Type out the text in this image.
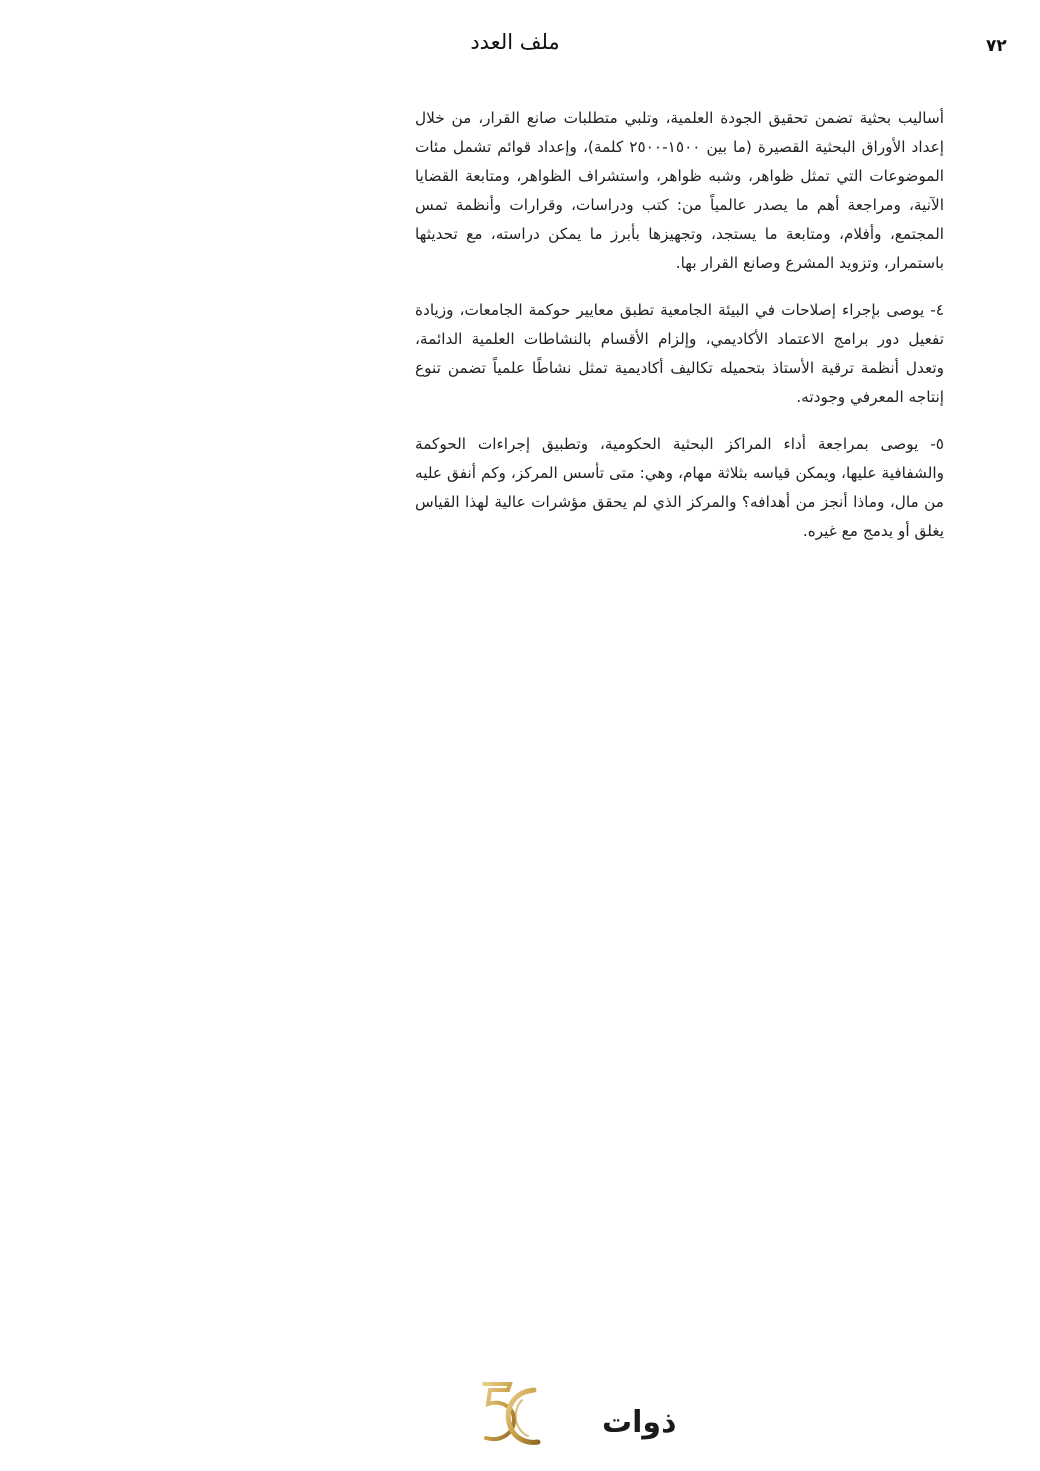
٧٢
ملف العدد

أساليب بحثية تضمن تحقيق الجودة العلمية، وتلبي متطلبات صانع القرار، من خلال إعداد الأوراق البحثية القصيرة (ما بين ١٥٠٠-٢٥٠٠ كلمة)، وإعداد قوائم تشمل مئات الموضوعات التي تمثل ظواهر، وشبه ظواهر، واستشراف الظواهر، ومتابعة القضايا الآنية، ومراجعة أهم ما يصدر عالمياً من: كتب ودراسات، وقرارات وأنظمة تمس المجتمع، وأفلام، ومتابعة ما يستجد، وتجهيزها بأبرز ما يمكن دراسته، مع تحديثها باستمرار، وتزويد المشرع وصانع القرار بها.

٤- يوصى بإجراء إصلاحات في البيئة الجامعية تطبق معايير حوكمة الجامعات، وزيادة تفعيل دور برامج الاعتماد الأكاديمي، وإلزام الأقسام بالنشاطات العلمية الدائمة، وتعدل أنظمة ترقية الأستاذ بتحميله تكاليف أكاديمية تمثل نشاطًا علمياً تضمن تنوع إنتاجه المعرفي وجودته.

٥- يوصى بمراجعة أداء المراكز البحثية الحكومية، وتطبيق إجراءات الحوكمة والشفافية عليها، ويمكن قياسه بثلاثة مهام، وهي: متى تأسس المركز، وكم أنفق عليه من مال، وماذا أنجز من أهدافه؟ والمركز الذي لم يحقق مؤشرات عالية لهذا القياس يغلق أو يدمج مع غيره.

ذوات
